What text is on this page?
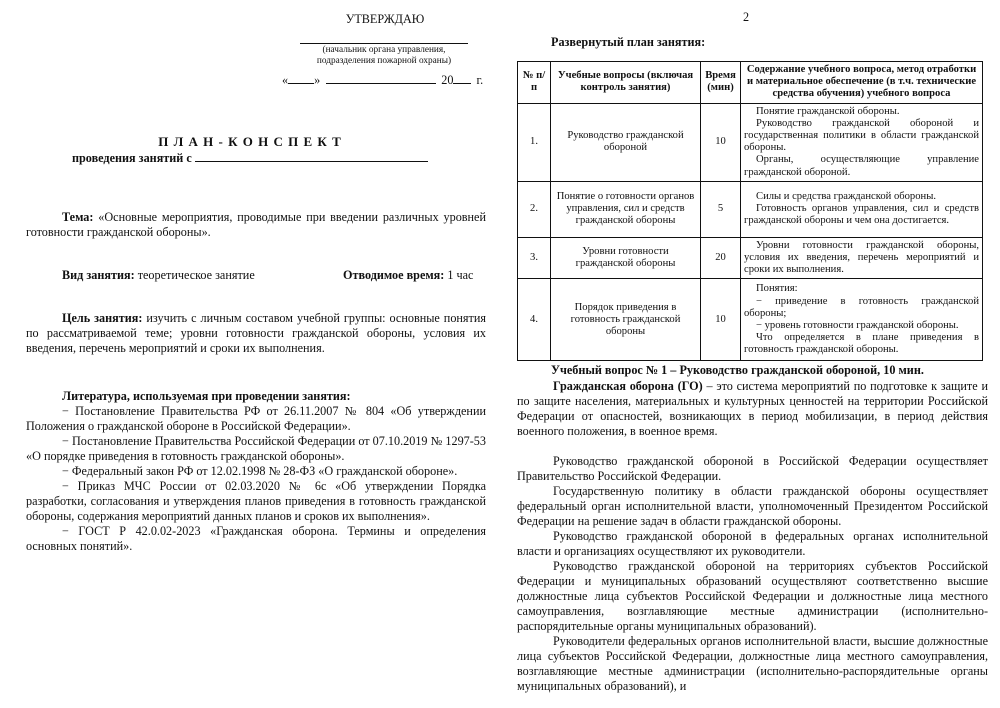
УТВЕРЖДАЮ
(начальник органа управления,
подразделения пожарной охраны)
« »	20 г.
П Л А Н - К О Н С П Е К Т
проведения занятий с

Тема: «Основные мероприятия, проводимые при введении различных уровней готовности гражданской обороны».

Вид занятия: теоретическое занятие	Отводимое время: 1 час

Цель занятия: изучить с личным составом учебной группы: основные понятия по рассматриваемой теме; уровни готовности гражданской обороны, условия их введения, перечень мероприятий и сроки их выполнения.

Литература, используемая при проведении занятия:

− Постановление Правительства РФ от 26.11.2007 № 804 «Об утверждении Положения о гражданской обороне в Российской Федерации».

− Постановление Правительства Российской Федерации от 07.10.2019 № 1297-53 «О порядке приведения в готовность гражданской обороны».

− Федеральный закон РФ от 12.02.1998 № 28-ФЗ «О гражданской обороне».

− Приказ МЧС России от 02.03.2020 № 6с «Об утверждении Порядка разработки, согласования и утверждения планов приведения в готовность гражданской обороны, содержания мероприятий данных планов и сроков их выполнения».

− ГОСТ Р 42.0.02-2023 «Гражданская оборона. Термины и определения основных понятий».

2
Развернутый план занятия:
№ п/п	Учебные вопросы (включая контроль занятия)	Время (мин)	Содержание учебного вопроса, метод отработки и материальное обеспечение (в т.ч. технические средства обучения) учебного вопроса
1.	Руководство гражданской обороной	10	Понятие гражданской обороны.

Руководство гражданской обороной и государственная политики в области гражданской обороны.

Органы, осуществляющие управление гражданской обороной.

2.	Понятие о готовности органов управления, сил и средств гражданской обороны	5	Силы и средства гражданской обороны.

Готовность органов управления, сил и средств гражданской обороны и чем она достигается.

3.	Уровни готовности гражданской обороны	20	Уровни готовности гражданской обороны, условия их введения, перечень мероприятий и сроки их выполнения.

4.	Порядок приведения в готовность гражданской обороны	10	Понятия:

− приведение в готовность гражданской обороны;

− уровень готовности гражданской обороны.

Что определяется в плане приведения в готовность гражданской обороны.

Учебный вопрос № 1 – Руководство гражданской обороной, 10 мин.

Гражданская оборона (ГО) – это система мероприятий по подготовке к защите и по защите населения, материальных и культурных ценностей на территории Российской Федерации от опасностей, возникающих в период мобилизации, в период действия военного положения, в военное время.

Руководство гражданской обороной в Российской Федерации осуществляет Правительство Российской Федерации.

Государственную политику в области гражданской обороны осуществляет федеральный орган исполнительной власти, уполномоченный Президентом Российской Федерации на решение задач в области гражданской обороны.

Руководство гражданской обороной в федеральных органах исполнительной власти и организациях осуществляют их руководители.

Руководство гражданской обороной на территориях субъектов Российской Федерации и муниципальных образований осуществляют соответственно высшие должностные лица субъектов Российской Федерации и должностные лица местного самоуправления, возглавляющие местные администрации (исполнительно-распорядительные органы муниципальных образований).

Руководители федеральных органов исполнительной власти, высшие должностные лица субъектов Российской Федерации, должностные лица местного самоуправления, возглавляющие местные администрации (исполнительно-распорядительные органы муниципальных образований), и
